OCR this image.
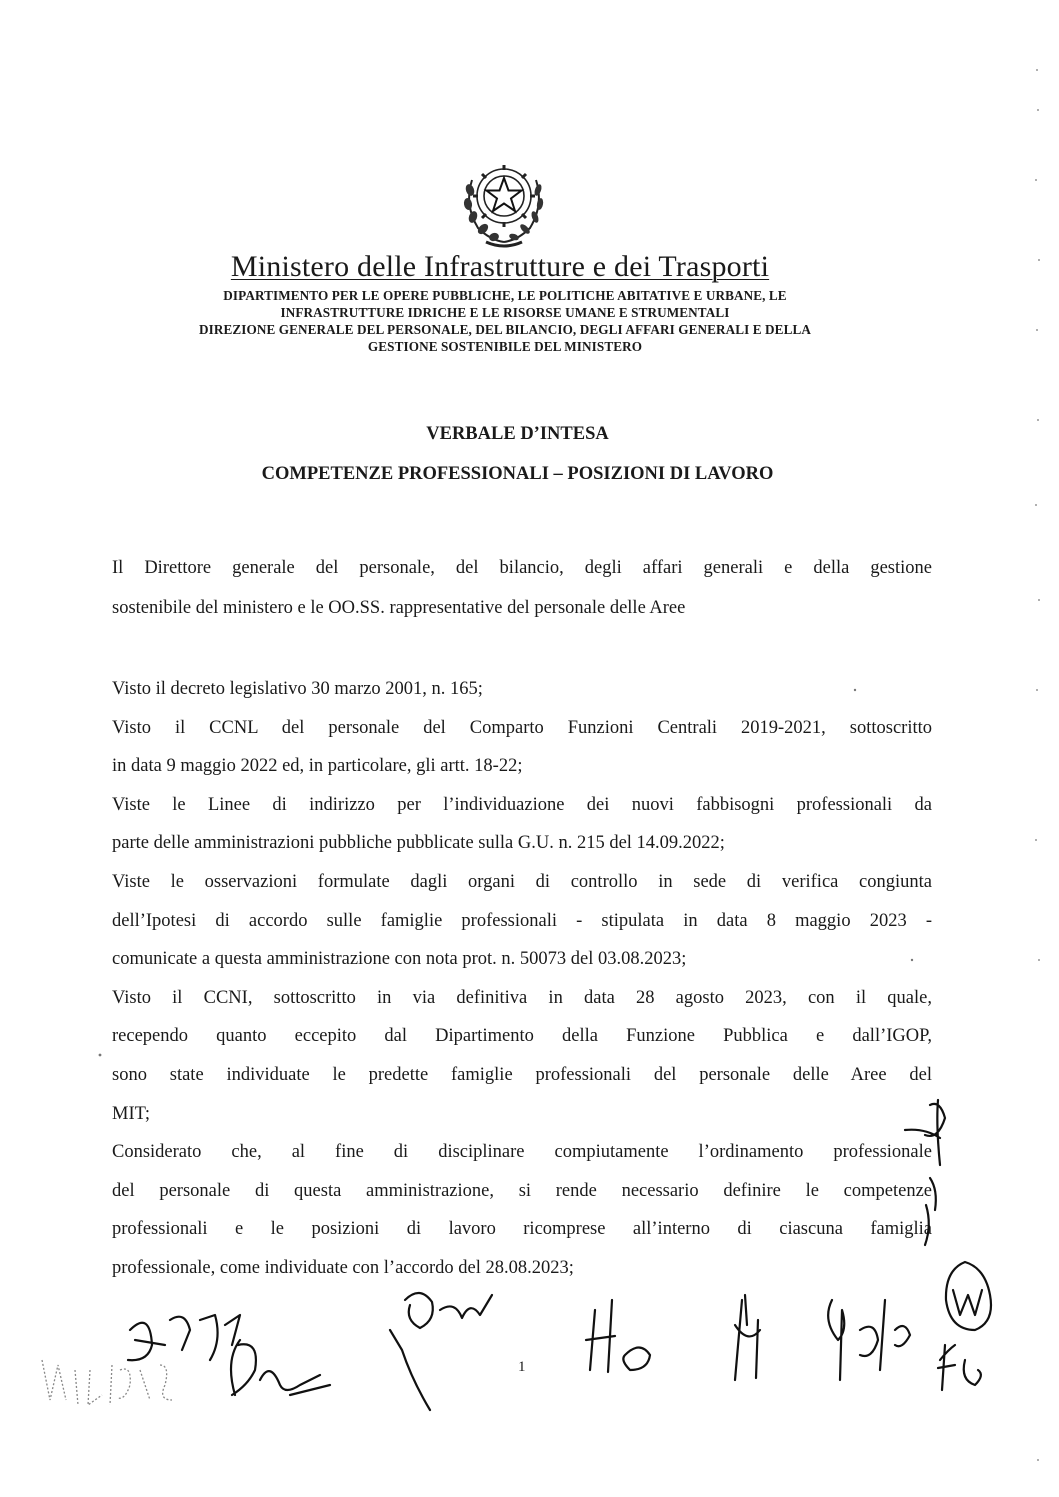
Ministero delle Infrastrutture e dei Trasporti
DIPARTIMENTO PER LE OPERE PUBBLICHE, LE POLITICHE ABITATIVE E URBANE, LE
INFRASTRUTTURE IDRICHE E LE RISORSE UMANE E STRUMENTALI
DIREZIONE GENERALE DEL PERSONALE, DEL BILANCIO, DEGLI AFFARI GENERALI E DELLA
GESTIONE SOSTENIBILE DEL MINISTERO
VERBALE D’INTESA
COMPETENZE PROFESSIONALI – POSIZIONI DI LAVORO
Il Direttore generale del personale, del bilancio, degli affari generali e della gestione
sostenibile del ministero e le OO.SS. rappresentative del personale delle Aree
Visto il decreto legislativo 30 marzo 2001, n. 165;
Visto il CCNL del personale del Comparto Funzioni Centrali 2019-2021, sottoscritto
in data 9 maggio 2022 ed, in particolare, gli artt. 18-22;
Viste le Linee di indirizzo per l’individuazione dei nuovi fabbisogni professionali da
parte delle amministrazioni pubbliche pubblicate sulla G.U. n. 215 del 14.09.2022;
Viste le osservazioni formulate dagli organi di controllo in sede di verifica congiunta
dell’Ipotesi di accordo sulle famiglie professionali - stipulata in data 8 maggio 2023 -
comunicate a questa amministrazione con nota prot. n. 50073 del 03.08.2023;
Visto il CCNI, sottoscritto in via definitiva in data 28 agosto 2023, con il quale,
recependo quanto eccepito dal Dipartimento della Funzione Pubblica e dall’IGOP,
sono state individuate le predette famiglie professionali del personale delle Aree del
MIT;
Considerato che, al fine di disciplinare compiutamente l’ordinamento professionale
del personale di questa amministrazione, si rende necessario definire le competenze
professionali e le posizioni di lavoro ricomprese all’interno di ciascuna famiglia
professionale, come individuate con l’accordo del 28.08.2023;
1
